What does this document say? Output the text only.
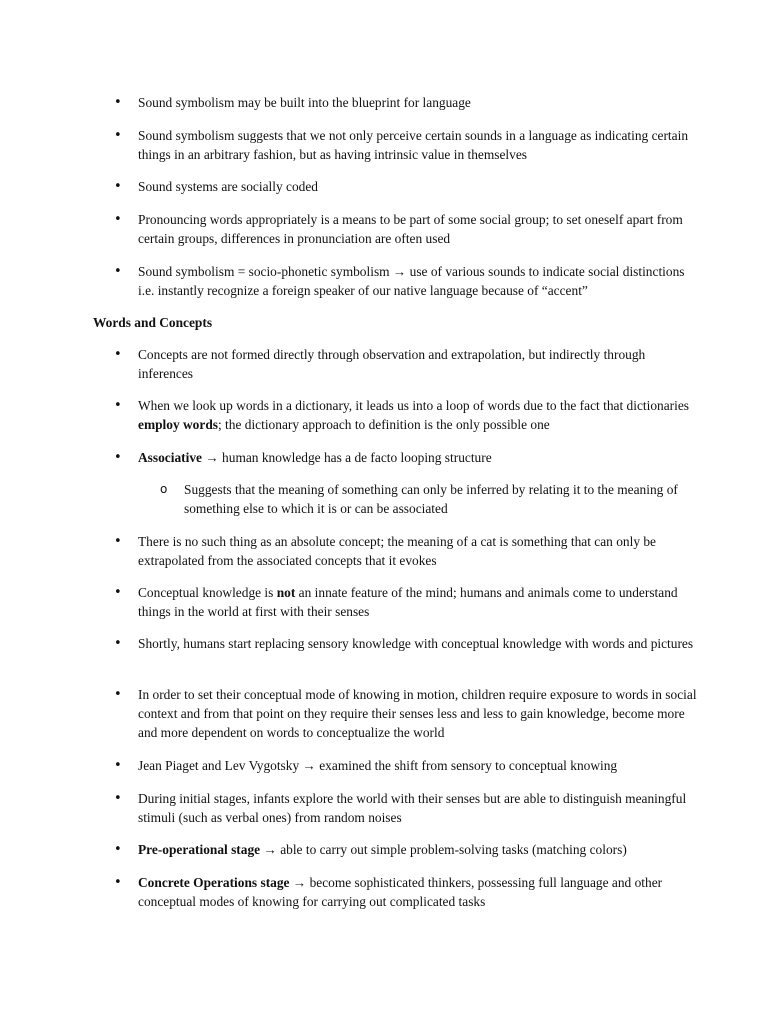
•	Sound symbolism may be built into the blueprint for language
•	Sound symbolism suggests that we not only perceive certain sounds in a language as indicating certain things in an arbitrary fashion, but as having intrinsic value in themselves
•	Sound systems are socially coded
•	Pronouncing words appropriately is a means to be part of some social group; to set oneself apart from certain groups, differences in pronunciation are often used
•	Sound symbolism = socio-phonetic symbolism → use of various sounds to indicate social distinctions i.e. instantly recognize a foreign speaker of our native language because of “accent”
Words and Concepts
•	Concepts are not formed directly through observation and extrapolation, but indirectly through inferences
•	When we look up words in a dictionary, it leads us into a loop of words due to the fact that dictionaries employ words; the dictionary approach to definition is the only possible one
•	Associative → human knowledge has a de facto looping structure
o	Suggests that the meaning of something can only be inferred by relating it to the meaning of something else to which it is or can be associated
•	There is no such thing as an absolute concept; the meaning of a cat is something that can only be extrapolated from the associated concepts that it evokes
•	Conceptual knowledge is not an innate feature of the mind; humans and animals come to understand things in the world at first with their senses
•	Shortly, humans start replacing sensory knowledge with conceptual knowledge with words and pictures
•	In order to set their conceptual mode of knowing in motion, children require exposure to words in social context and from that point on they require their senses less and less to gain knowledge, become more and more dependent on words to conceptualize the world
•	Jean Piaget and Lev Vygotsky → examined the shift from sensory to conceptual knowing
•	During initial stages, infants explore the world with their senses but are able to distinguish meaningful stimuli (such as verbal ones) from random noises
•	Pre-operational stage → able to carry out simple problem-solving tasks (matching colors)
•	Concrete Operations stage → become sophisticated thinkers, possessing full language and other conceptual modes of knowing for carrying out complicated tasks
